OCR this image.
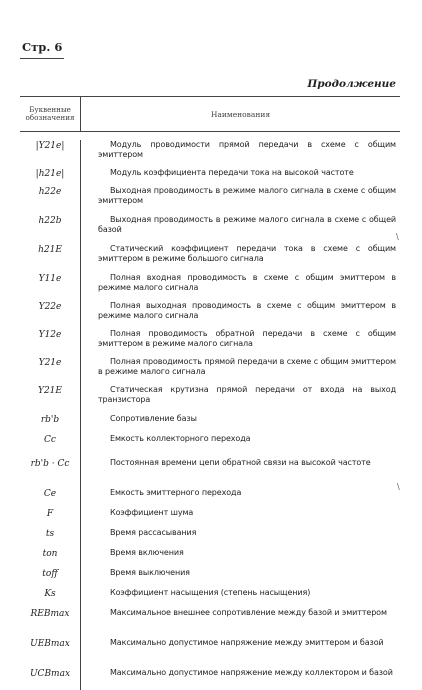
Стр. 6
Продолжение
Буквенные обозначения	Наименования
|Y21e|	Модуль проводимости прямой передачи в схеме с общим эмиттером
|h21e|	Модуль коэффициента передачи тока на высокой частоте
h22e	Выходная проводимость в режиме малого сигнала в схеме с общим эмиттером
h22b	Выходная проводимость в режиме малого сигнала в схеме с общей базой
h21E	Статический коэффициент передачи тока в схеме с общим эмиттером в режиме большого сигнала
Y11e	Полная входная проводимость в схеме с общим эмиттером в режиме малого сигнала
Y22e	Полная выходная проводимость в схеме с общим эмиттером в режиме малого сигнала
Y12e	Полная проводимость обратной передачи в схеме с общим эмиттером в режиме малого сигнала
Y21e	Полная проводимость прямой передачи в схеме с общим эмиттером в режиме малого сигнала
Y21E	Статическая крутизна прямой передачи от входа на выход транзистора
rb'b	Сопротивление базы
Cc	Емкость коллекторного перехода
rb'b · Cc	Постоянная времени цепи обратной связи на высокой частоте
Ce	Емкость эмиттерного перехода
F	Коэффициент шума
ts	Время рассасывания
ton	Время включения
toff	Время выключения
Ks	Коэффициент насыщения (степень насыщения)
REBmax	Максимальное внешнее сопротивление между базой и эмиттером
UEBmax	Максимально допустимое напряжение между эмиттером и базой
UCBmax	Максимально допустимое напряжение между коллектором и базой
\
\
